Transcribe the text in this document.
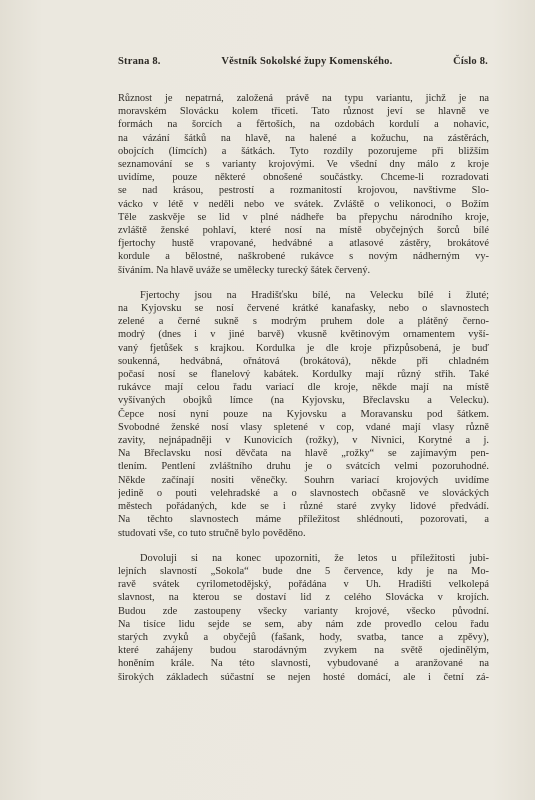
Strana 8.	Věstník Sokolské župy Komenského.	Číslo 8.
Různost je nepatrná, založená právě na typu variantu, jichž je na
moravském Slovácku kolem třiceti. Tato různost jeví se hlavně ve
formách na šorcích a fěrtoších, na ozdobách kordulí a nohavic,
na vázání šátků na hlavě, na halené a kožuchu, na zástěrách,
obojcích (límcích) a šátkách. Tyto rozdíly pozorujeme při bližším
seznamování se s varianty krojovými. Ve všední dny málo z kroje
uvidíme, pouze některé obnošené součástky. Chceme-li rozradovati
se nad krásou, pestrostí a rozmanitostí krojovou, navštivme Slo-
vácko v létě v neděli nebo ve svátek. Zvláště o velikonoci, o Božím
Těle zaskvěje se lid v plné nádheře ba přepychu národního kroje,
zvláště ženské pohlaví, které nosí na místě obyčejných šorců bílé
fjertochy hustě vrapované, hedvábné a atlasové zástěry, brokátové
kordule a bělostné, naškrobené rukávce s novým nádherným vy-
šíváním. Na hlavě uváže se umělecky turecký šátek červený.
Fjertochy jsou na Hradišťsku bílé, na Velecku bílé i žluté;
na Kyjovsku se nosí červené krátké kanafasky, nebo o slavnostech
zelené a černé sukně s modrým pruhem dole a plátěný černo-
modrý (dnes i v jiné barvě) vkusně květinovým ornamentem vyší-
vaný fjetůšek s krajkou. Kordulka je dle kroje přizpůsobená, je buď
soukenná, hedvábná, ořnátová (brokátová), někde při chladném
počasí nosí se flanelový kabátek. Kordulky mají různý střih. Také
rukávce mají celou řadu variací dle kroje, někde mají na místě
vyšívaných obojků límce (na Kyjovsku, Břeclavsku a Velecku).
Čepce nosí nyní pouze na Kyjovsku a Moravansku pod šátkem.
Svobodné ženské nosí vlasy spletené v cop, vdané mají vlasy různě
zavity, nejnápadněji v Kunovicích (rožky), v Nivnici, Korytné a j.
Na Břeclavsku nosí děvčata na hlavě „rožky“ se zajímavým pen-
tlením. Pentlení zvláštního druhu je o svátcích velmi pozoruhodné.
Někde začínají nositi věnečky. Souhrn variací krojových uvidíme
jedině o pouti velehradské a o slavnostech občasně ve slováckých
městech pořádaných, kde se i různé staré zvyky lidové předvádí.
Na těchto slavnostech máme příležitost shlédnouti, pozorovati, a
studovati vše, co tuto stručně bylo pověděno.
Dovoluji si na konec upozorniti, že letos u příležitosti jubi-
lejních slavností „Sokola“ bude dne 5 července, kdy je na Mo-
ravě svátek cyrilometodějský, pořádána v Uh. Hradišti velkolepá
slavnost, na kterou se dostaví lid z celého Slovácka v krojích.
Budou zde zastoupeny všecky varianty krojové, všecko původní.
Na tisíce lidu sejde se sem, aby nám zde provedlo celou řadu
starých zvyků a obyčejů (fašank, hody, svatba, tance a zpěvy),
které zahájeny budou starodávným zvykem na světě ojedinělým,
honěním krále. Na této slavnosti, vybudované a aranžované na
širokých základech súčastní se nejen hosté domácí, ale i četní zá-
